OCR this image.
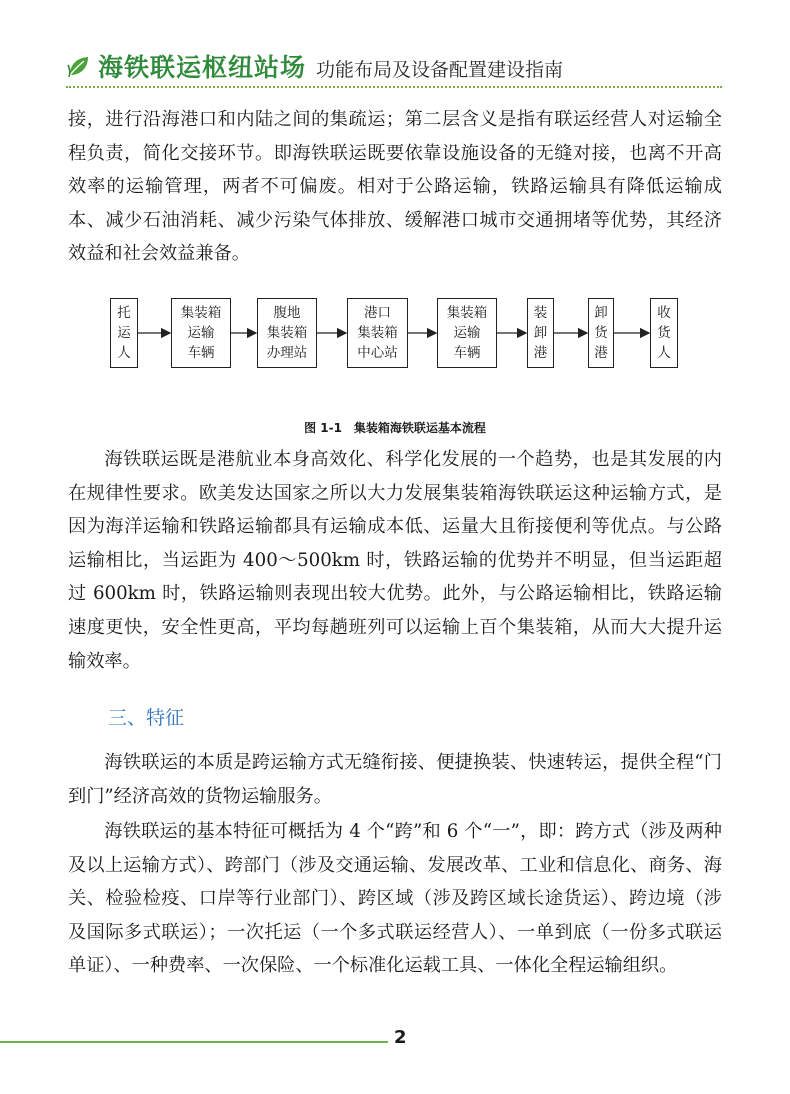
海铁联运枢纽站场 功能布局及设备配置建设指南

接，进行沿海港口和内陆之间的集疏运；第二层含义是指有联运经营人对运输全程负责，简化交接环节。即海铁联运既要依靠设施设备的无缝对接，也离不开高效率的运输管理，两者不可偏废。相对于公路运输，铁路运输具有降低运输成本、减少石油消耗、减少污染气体排放、缓解港口城市交通拥堵等优势，其经济效益和社会效益兼备。

托
运
人
集装箱
运输
车辆
腹地
集装箱
办理站
港口
集装箱
中心站
集装箱
运输
车辆
装
卸
港
卸
货
港
收
货
人
图 1-1　集装箱海铁联运基本流程

海铁联运既是港航业本身高效化、科学化发展的一个趋势，也是其发展的内在规律性要求。欧美发达国家之所以大力发展集装箱海铁联运这种运输方式，是因为海洋运输和铁路运输都具有运输成本低、运量大且衔接便利等优点。与公路运输相比，当运距为 400～500km 时，铁路运输的优势并不明显，但当运距超过 600km 时，铁路运输则表现出较大优势。此外，与公路运输相比，铁路运输速度更快，安全性更高，平均每趟班列可以运输上百个集装箱，从而大大提升运输效率。

三、特征

海铁联运的本质是跨运输方式无缝衔接、便捷换装、快速转运，提供全程“门到门”经济高效的货物运输服务。

海铁联运的基本特征可概括为 4 个“跨”和 6 个“一”，即：跨方式（涉及两种及以上运输方式）、跨部门（涉及交通运输、发展改革、工业和信息化、商务、海关、检验检疫、口岸等行业部门）、跨区域（涉及跨区域长途货运）、跨边境（涉及国际多式联运）；一次托运（一个多式联运经营人）、一单到底（一份多式联运单证）、一种费率、一次保险、一个标准化运载工具、一体化全程运输组织。

2
